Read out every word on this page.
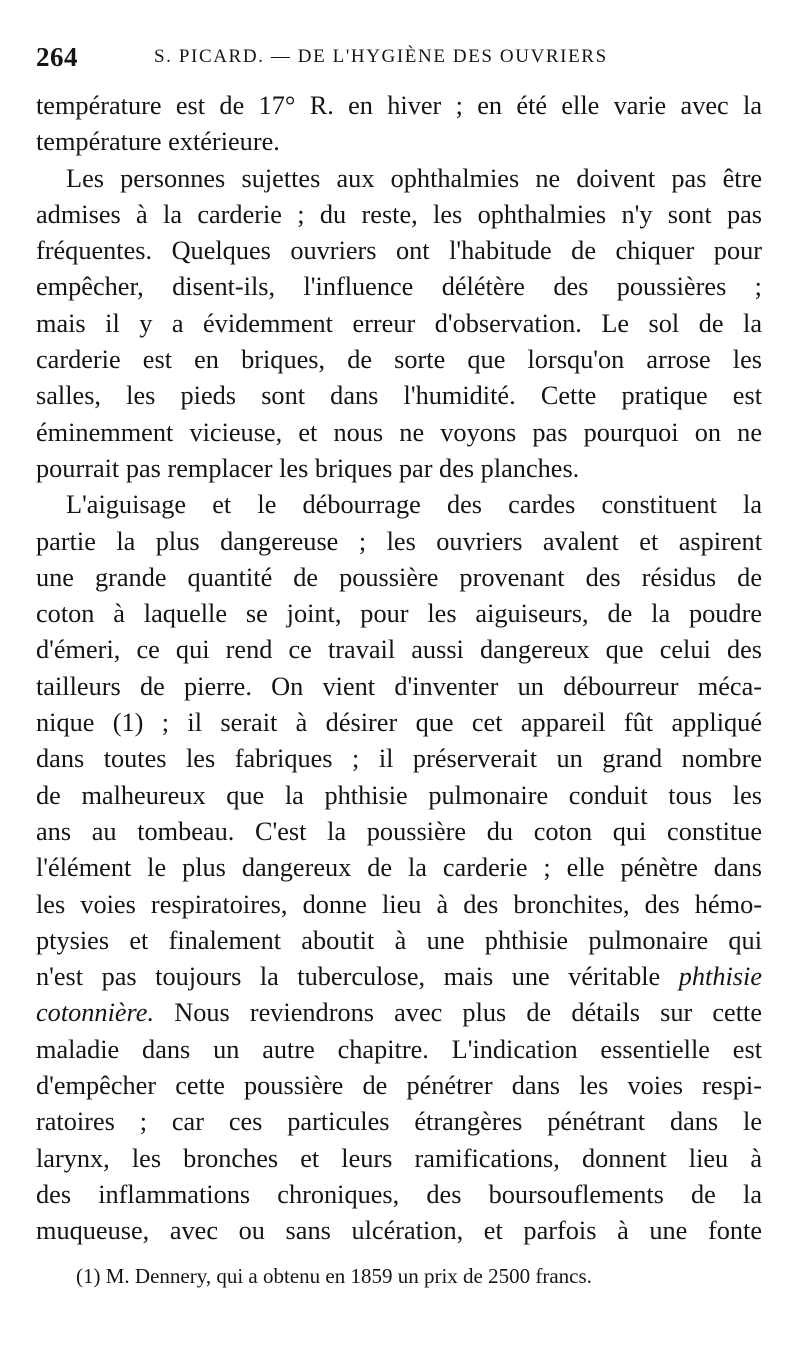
264	S. PICARD. — DE L'HYGIÈNE DES OUVRIERS
température est de 17° R. en hiver ; en été elle varie avec la
température extérieure.
Les personnes sujettes aux ophthalmies ne doivent pas être
admises à la carderie ; du reste, les ophthalmies n'y sont pas
fréquentes. Quelques ouvriers ont l'habitude de chiquer pour
empêcher, disent-ils, l'influence délétère des poussières ;
mais il y a évidemment erreur d'observation. Le sol de la
carderie est en briques, de sorte que lorsqu'on arrose les
salles, les pieds sont dans l'humidité. Cette pratique est
éminemment vicieuse, et nous ne voyons pas pourquoi on ne
pourrait pas remplacer les briques par des planches.
L'aiguisage et le débourrage des cardes constituent la
partie la plus dangereuse ; les ouvriers avalent et aspirent
une grande quantité de poussière provenant des résidus de
coton à laquelle se joint, pour les aiguiseurs, de la poudre
d'émeri, ce qui rend ce travail aussi dangereux que celui des
tailleurs de pierre. On vient d'inventer un débourreur méca-
nique (1) ; il serait à désirer que cet appareil fût appliqué
dans toutes les fabriques ; il préserverait un grand nombre
de malheureux que la phthisie pulmonaire conduit tous les
ans au tombeau. C'est la poussière du coton qui constitue
l'élément le plus dangereux de la carderie ; elle pénètre dans
les voies respiratoires, donne lieu à des bronchites, des hémo-
ptysies et finalement aboutit à une phthisie pulmonaire qui
n'est pas toujours la tuberculose, mais une véritable phthisie
cotonnière. Nous reviendrons avec plus de détails sur cette
maladie dans un autre chapitre. L'indication essentielle est
d'empêcher cette poussière de pénétrer dans les voies respi-
ratoires ; car ces particules étrangères pénétrant dans le
larynx, les bronches et leurs ramifications, donnent lieu à
des inflammations chroniques, des boursouflements de la
muqueuse, avec ou sans ulcération, et parfois à une fonte
(1) M. Dennery, qui a obtenu en 1859 un prix de 2500 francs.
